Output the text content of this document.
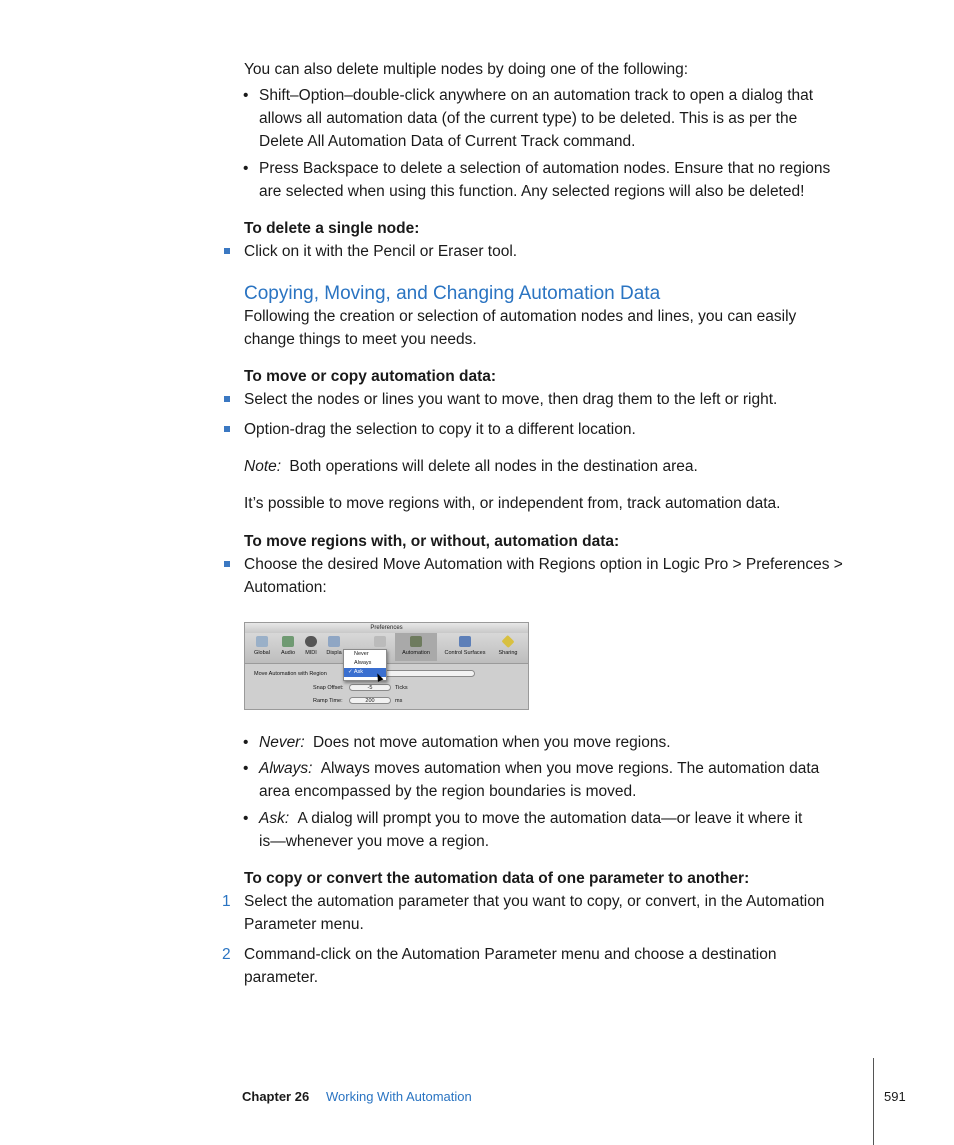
You can also delete multiple nodes by doing one of the following:
• Shift–Option–double-click anywhere on an automation track to open a dialog that
allows all automation data (of the current type) to be deleted. This is as per the
Delete All Automation Data of Current Track command.
• Press Backspace to delete a selection of automation nodes. Ensure that no regions
are selected when using this function. Any selected regions will also be deleted!
To delete a single node:
Click on it with the Pencil or Eraser tool.
Copying, Moving, and Changing Automation Data
Following the creation or selection of automation nodes and lines, you can easily
change things to meet you needs.
To move or copy automation data:
Select the nodes or lines you want to move, then drag them to the left or right.
Option-drag the selection to copy it to a different location.
Note: Both operations will delete all nodes in the destination area.
It’s possible to move regions with, or independent from, track automation data.
To move regions with, or without, automation data:
Choose the desired Move Automation with Regions option in Logic Pro > Preferences >
Automation:
Preferences
Global	Audio	MIDI	Displa	Automation	Control Surfaces	Sharing
Move Automation with Region
Snap Offset:	-5	Ticks
Ramp Time:	200	ms
Never
Always
✓ Ask
• Never: Does not move automation when you move regions.
• Always: Always moves automation when you move regions. The automation data
area encompassed by the region boundaries is moved.
• Ask: A dialog will prompt you to move the automation data—or leave it where it
is—whenever you move a region.
To copy or convert the automation data of one parameter to another:
1 Select the automation parameter that you want to copy, or convert, in the Automation
Parameter menu.
2 Command-click on the Automation Parameter menu and choose a destination
parameter.
Chapter 26 Working With Automation	591
